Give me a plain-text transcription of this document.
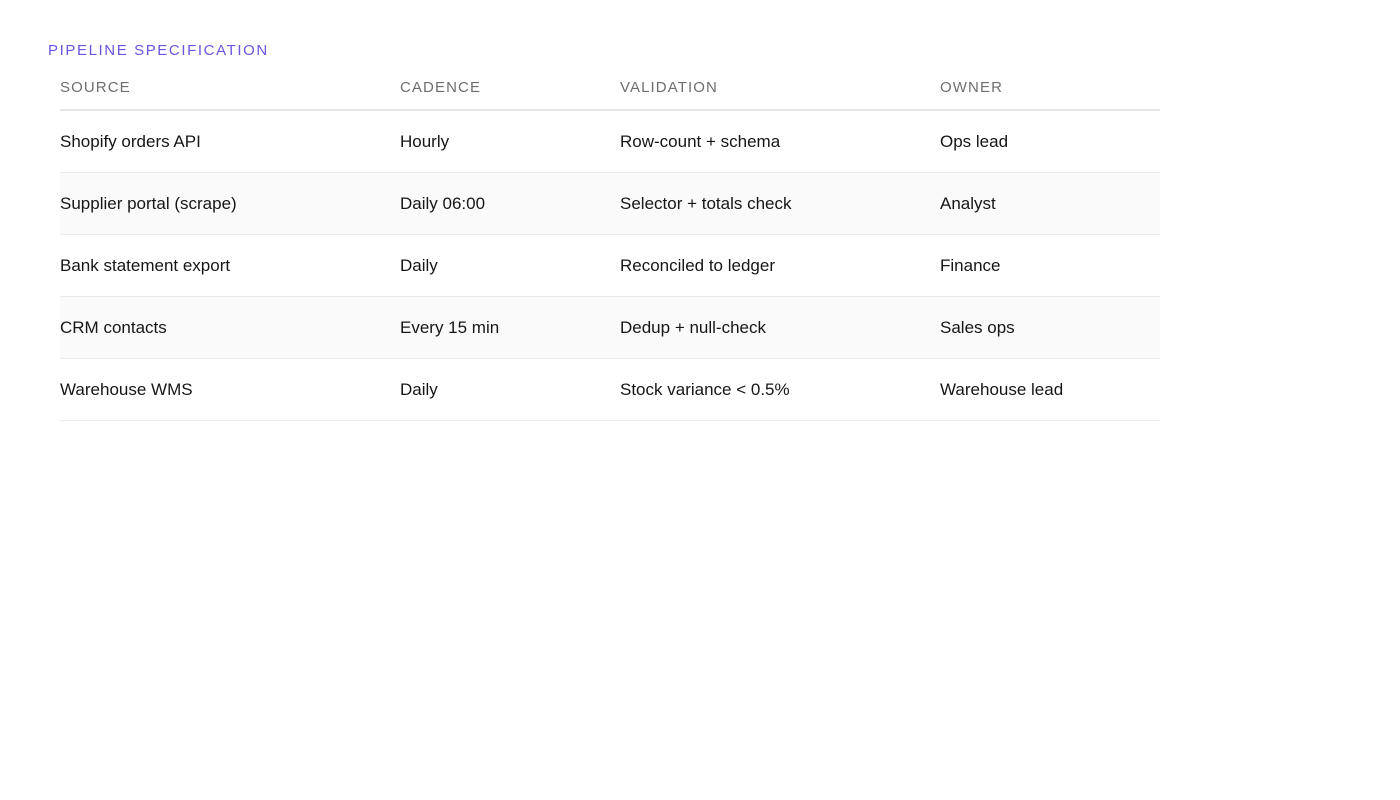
PIPELINE SPECIFICATION
SOURCE	CADENCE	VALIDATION	OWNER
Shopify orders API	Hourly	Row-count + schema	Ops lead
Supplier portal (scrape)	Daily 06:00	Selector + totals check	Analyst
Bank statement export	Daily	Reconciled to ledger	Finance
CRM contacts	Every 15 min	Dedup + null-check	Sales ops
Warehouse WMS	Daily	Stock variance < 0.5%	Warehouse lead
